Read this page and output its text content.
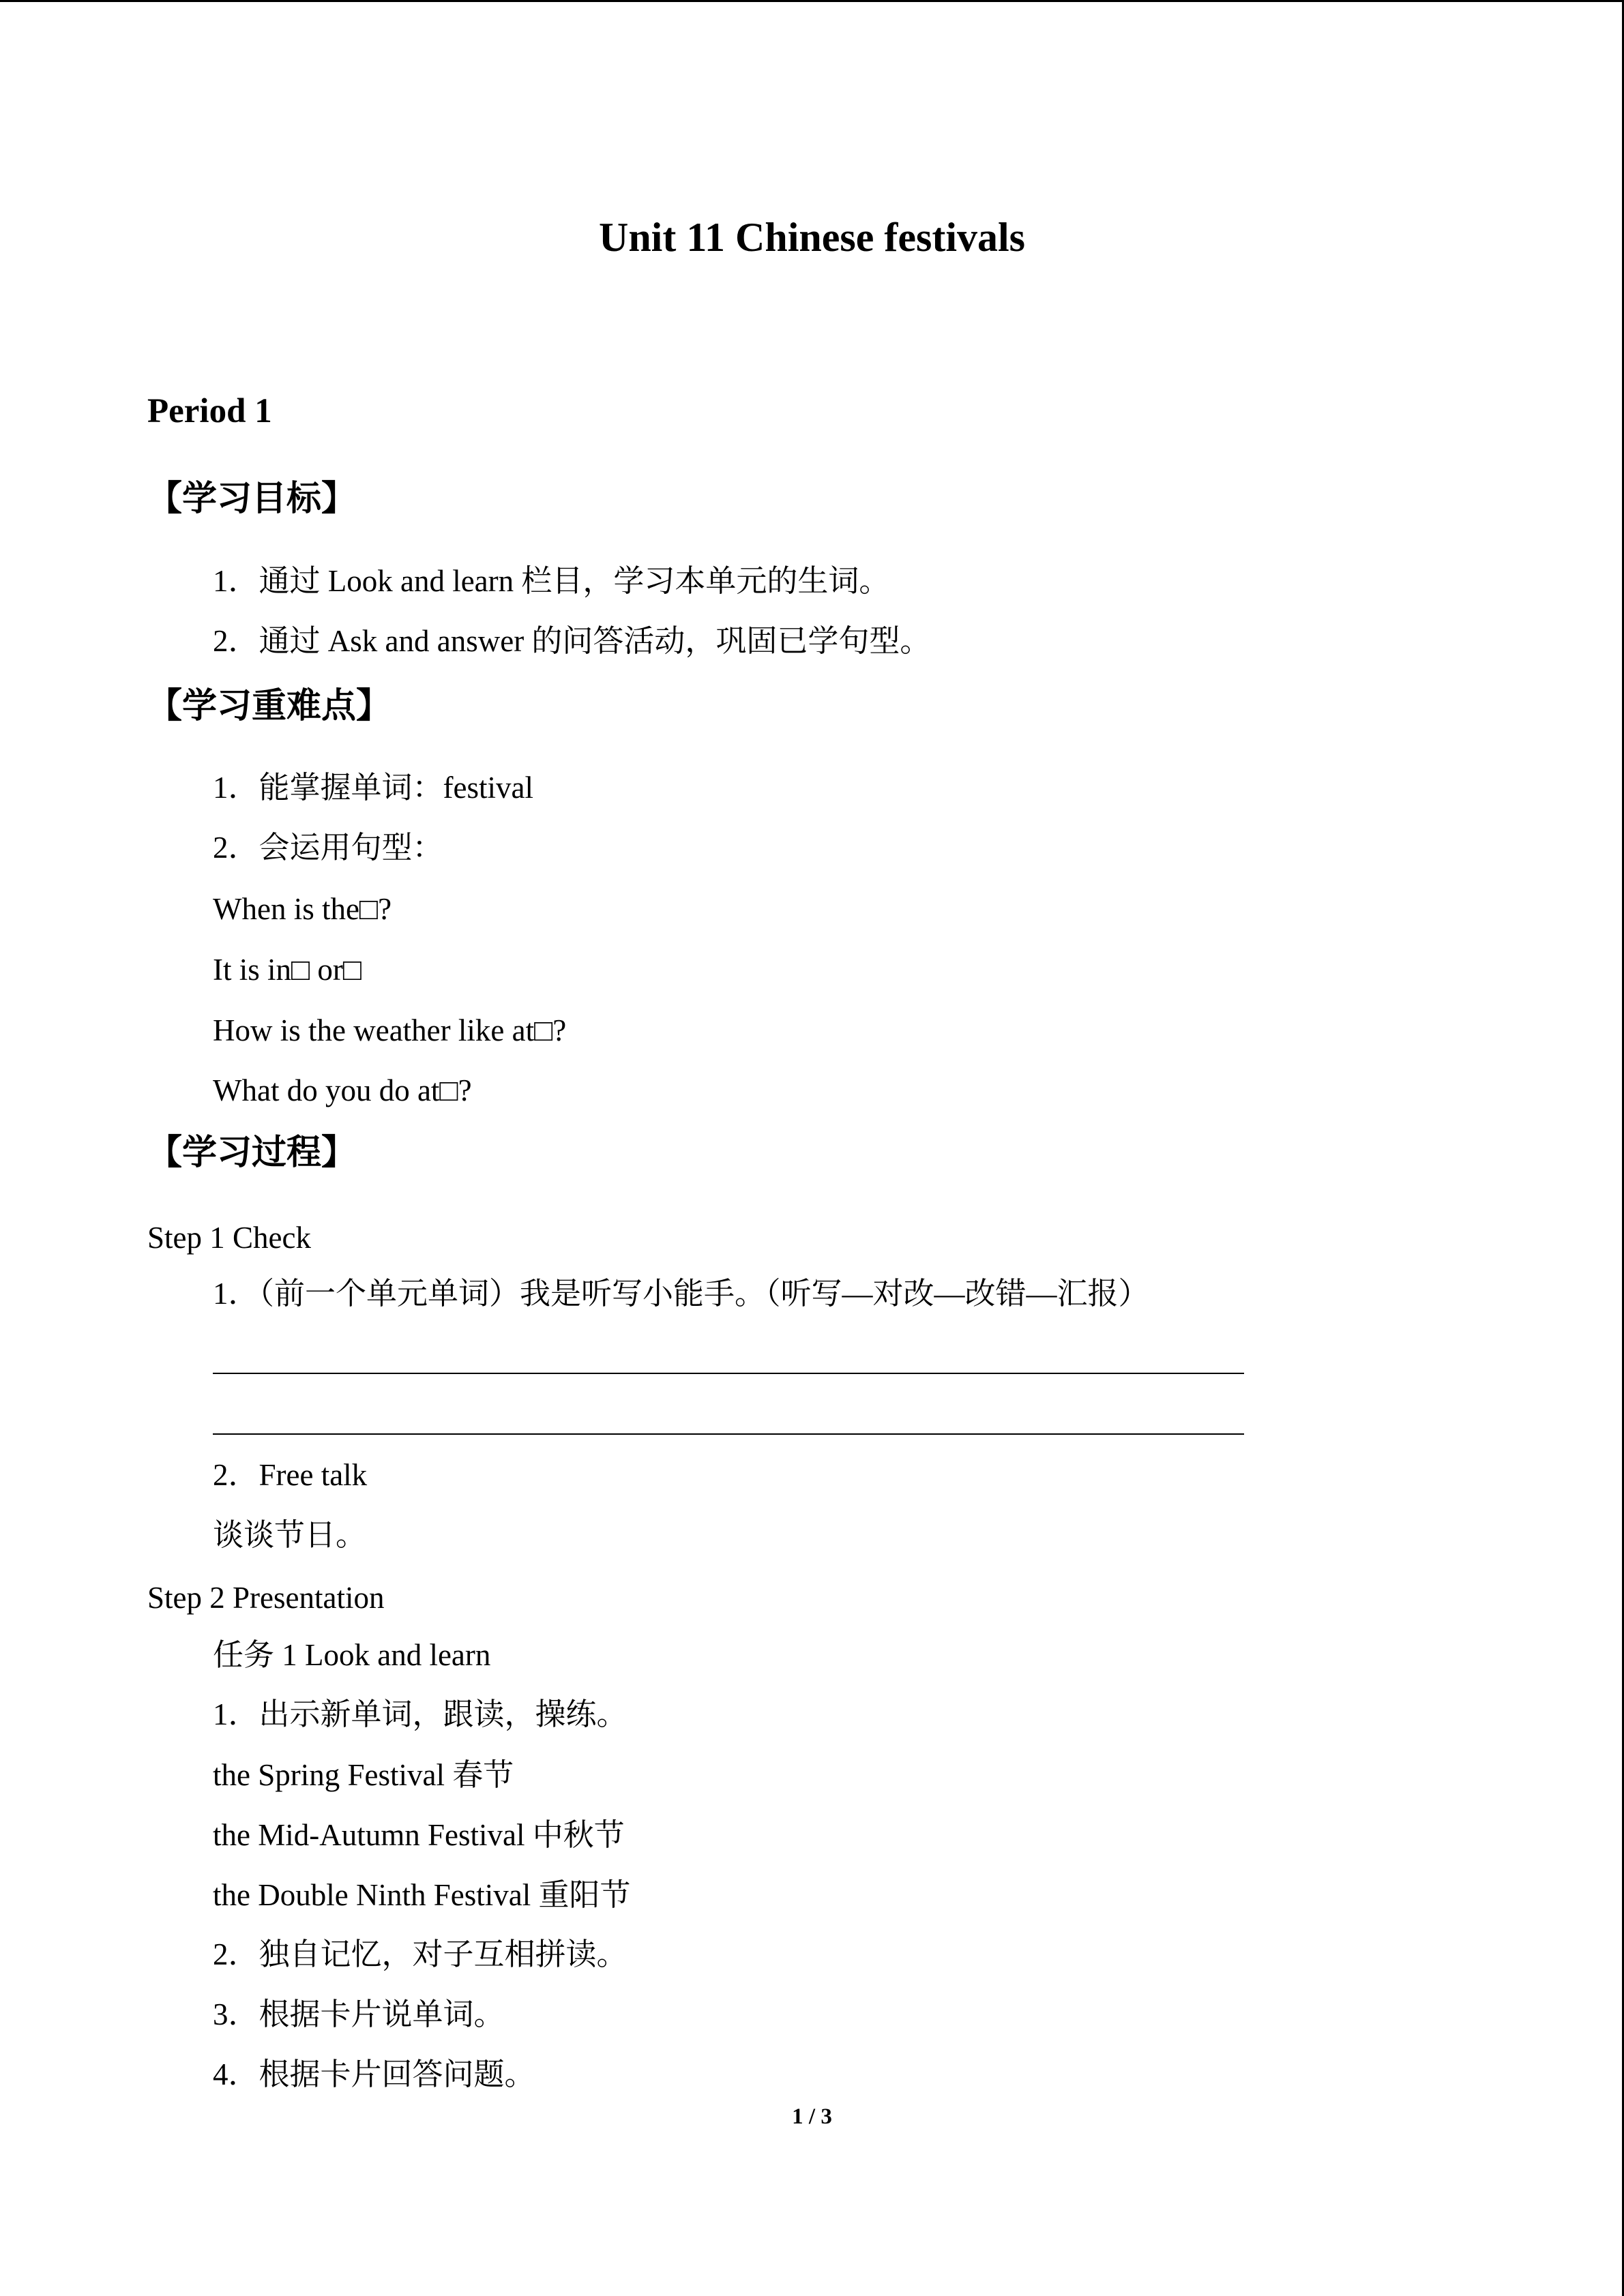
Unit 11 Chinese festivals
Period 1
【学习目标】
1．通过 Look and learn 栏目，学习本单元的生词。
2．通过 Ask and answer 的问答活动，巩固已学句型。
【学习重难点】
1．能掌握单词：festival
2．会运用句型：
When is the□?
It is in□ or□
How is the weather like at□?
What do you do at□?
【学习过程】
Step 1 Check
1．（前一个单元单词）我是听写小能手。（听写—对改—改错—汇报）
2．Free talk
谈谈节日。
Step 2 Presentation
任务 1 Look and learn
1．出示新单词，跟读，操练。
the Spring Festival 春节
the Mid-Autumn Festival 中秋节
the Double Ninth Festival 重阳节
2．独自记忆，对子互相拼读。
3．根据卡片说单词。
4．根据卡片回答问题。
1 / 3
